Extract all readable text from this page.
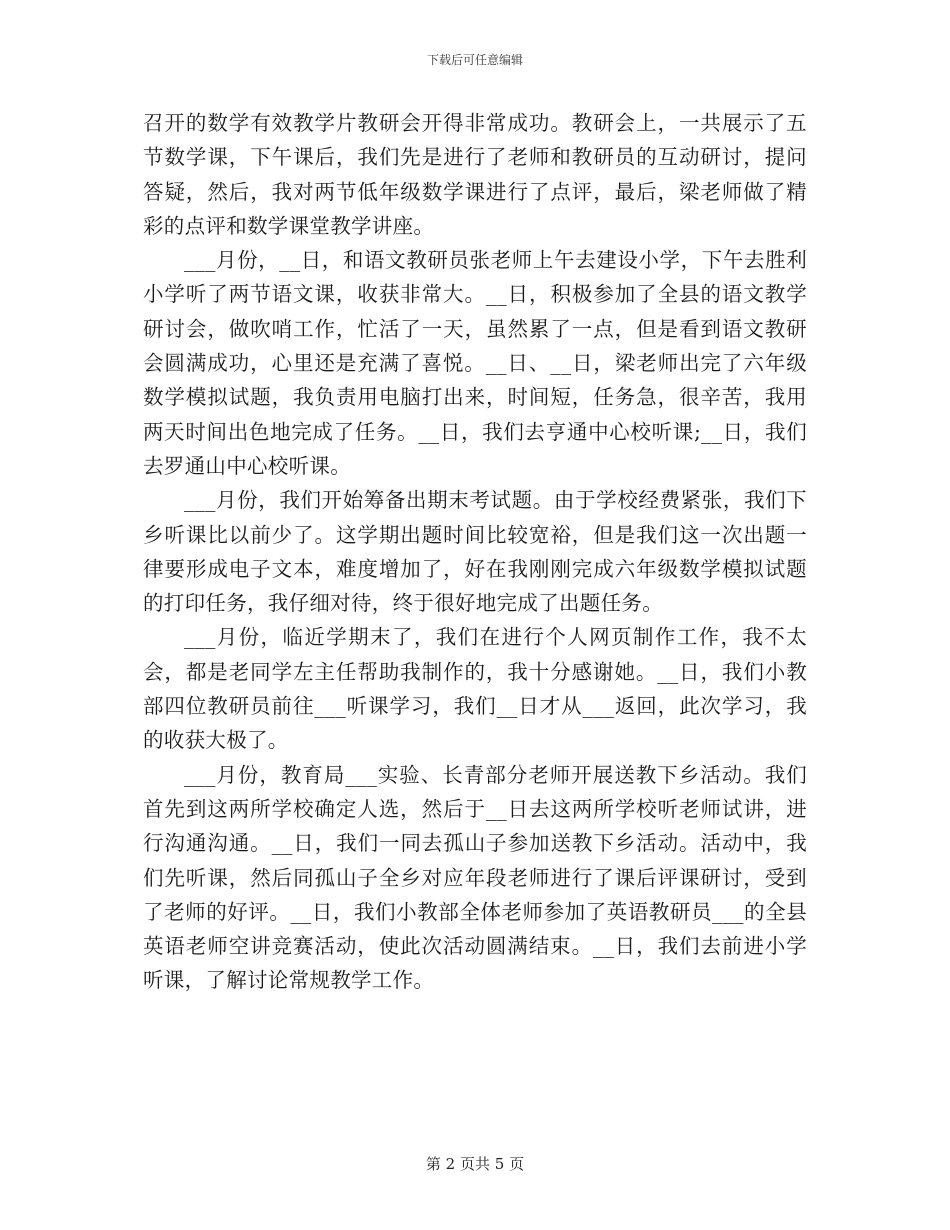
下载后可任意编辑

召开的数学有效教学片教研会开得非常成功。教研会上，一共展示了五节数学课，下午课后，我们先是进行了老师和教研员的互动研讨，提问答疑，然后，我对两节低年级数学课进行了点评，最后，梁老师做了精彩的点评和数学课堂教学讲座。

___月份，__日，和语文教研员张老师上午去建设小学，下午去胜利小学听了两节语文课，收获非常大。__日，积极参加了全县的语文教学研讨会，做吹哨工作，忙活了一天，虽然累了一点，但是看到语文教研会圆满成功，心里还是充满了喜悦。__日、__日，梁老师出完了六年级数学模拟试题，我负责用电脑打出来，时间短，任务急，很辛苦，我用两天时间出色地完成了任务。__日，我们去亨通中心校听课;__日，我们去罗通山中心校听课。

___月份，我们开始筹备出期末考试题。由于学校经费紧张，我们下乡听课比以前少了。这学期出题时间比较宽裕，但是我们这一次出题一律要形成电子文本，难度增加了，好在我刚刚完成六年级数学模拟试题的打印任务，我仔细对待，终于很好地完成了出题任务。

___月份，临近学期末了，我们在进行个人网页制作工作，我不太会，都是老同学左主任帮助我制作的，我十分感谢她。__日，我们小教部四位教研员前往___听课学习，我们__日才从___返回，此次学习，我的收获大极了。

___月份，教育局___实验、长青部分老师开展送教下乡活动。我们首先到这两所学校确定人选，然后于__日去这两所学校听老师试讲，进行沟通沟通。__日，我们一同去孤山子参加送教下乡活动。活动中，我们先听课，然后同孤山子全乡对应年段老师进行了课后评课研讨，受到了老师的好评。__日，我们小教部全体老师参加了英语教研员___的全县英语老师空讲竞赛活动，使此次活动圆满结束。__日，我们去前进小学听课，了解讨论常规教学工作。

第 2 页共 5 页
